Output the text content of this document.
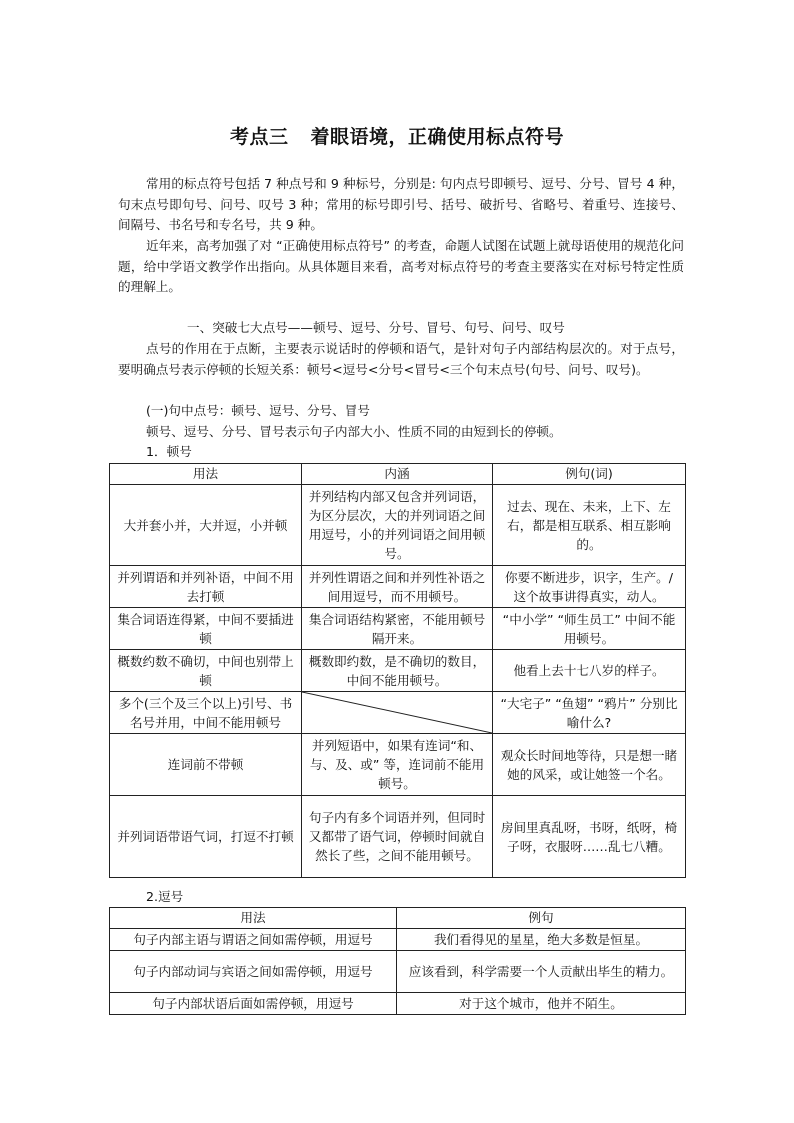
考点三 着眼语境，正确使用标点符号

常用的标点符号包括 7 种点号和 9 种标号，分别是: 句内点号即顿号、逗号、分号、冒号 4 种，句末点号即句号、问号、叹号 3 种；常用的标号即引号、括号、破折号、省略号、着重号、连接号、间隔号、书名号和专名号，共 9 种。

近年来，高考加强了对 “正确使用标点符号” 的考查，命题人试图在试题上就母语使用的规范化问题，给中学语文教学作出指向。从具体题目来看，高考对标点符号的考查主要落实在对标号特定性质的理解上。

一、突破七大点号——顿号、逗号、分号、冒号、句号、问号、叹号

点号的作用在于点断，主要表示说话时的停顿和语气，是针对句子内部结构层次的。对于点号，要明确点号表示停顿的长短关系：顿号<逗号<分号<冒号<三个句末点号(句号、问号、叹号)。

(一)句中点号：顿号、逗号、分号、冒号
顿号、逗号、分号、冒号表示句子内部大小、性质不同的由短到长的停顿。
1．顿号
用法	内涵	例句(词)
大并套小并，大并逗，小并顿	并列结构内部又包含并列词语，为区分层次，大的并列词语之间用逗号，小的并列词语之间用顿号。	过去、现在、未来，上下、左右，都是相互联系、相互影响的。
并列谓语和并列补语，中间不用去打顿	并列性谓语之间和并列性补语之间用逗号，而不用顿号。	你要不断进步，识字，生产。/ 这个故事讲得真实，动人。
集合词语连得紧，中间不要插进顿	集合词语结构紧密，不能用顿号隔开来。	“中小学” “师生员工” 中间不能用顿号。
概数约数不确切，中间也别带上顿	概数即约数，是不确切的数目，中间不能用顿号。	他看上去十七八岁的样子。
多个(三个及三个以上)引号、书名号并用，中间不能用顿号		“大宅子” “鱼翅” “鸦片” 分别比喻什么?
连词前不带顿	并列短语中，如果有连词“和、与、及、或” 等，连词前不能用顿号。	观众长时间地等待，只是想一睹她的风采，或让她签一个名。
并列词语带语气词，打逗不打顿	句子内有多个词语并列，但同时又都带了语气词，停顿时间就自然长了些，之间不能用顿号。	房间里真乱呀，书呀，纸呀，椅子呀，衣服呀……乱七八糟。
2.逗号
用法	例句
句子内部主语与谓语之间如需停顿，用逗号	我们看得见的星星，绝大多数是恒星。
句子内部动词与宾语之间如需停顿，用逗号	应该看到，科学需要一个人贡献出毕生的精力。
句子内部状语后面如需停顿，用逗号	对于这个城市，他并不陌生。
